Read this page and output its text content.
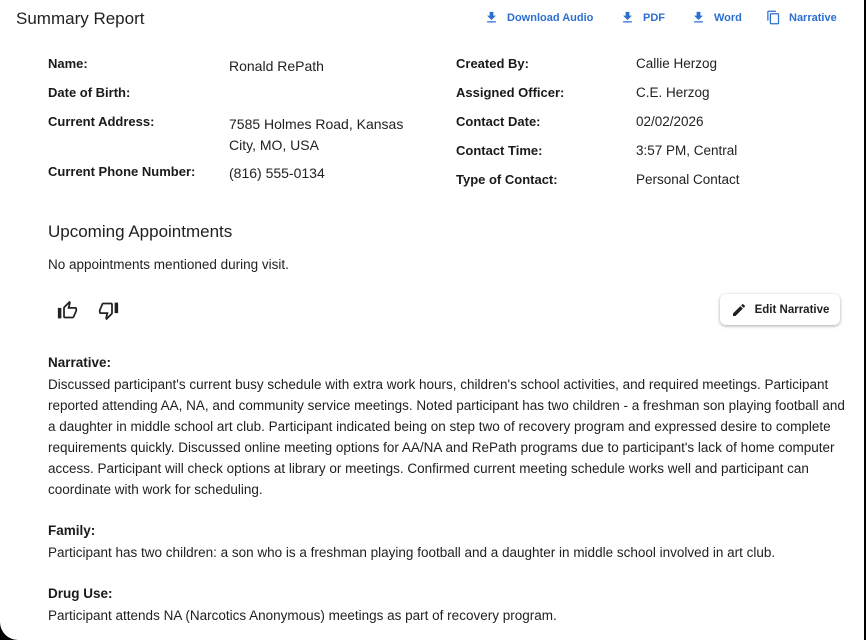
Summary Report	Download Audio	PDF	Word	Narrative
Name:	Ronald RePath
Date of Birth:
Current Address:	7585 Holmes Road, Kansas City, MO, USA
Current Phone Number: (816) 555-0134
Created By:	Callie Herzog
Assigned Officer:	C.E. Herzog
Contact Date:	02/02/2026
Contact Time:	3:57 PM, Central
Type of Contact:	Personal Contact
Upcoming Appointments
No appointments mentioned during visit.
Edit Narrative
Narrative:
Discussed participant's current busy schedule with extra work hours, children's school activities, and required meetings. Participant reported attending AA, NA, and community service meetings. Noted participant has two children - a freshman son playing football and a daughter in middle school art club. Participant indicated being on step two of recovery program and expressed desire to complete requirements quickly. Discussed online meeting options for AA/NA and RePath programs due to participant's lack of home computer access. Participant will check options at library or meetings. Confirmed current meeting schedule works well and participant can coordinate with work for scheduling.
Family:
Participant has two children: a son who is a freshman playing football and a daughter in middle school involved in art club.
Drug Use:
Participant attends NA (Narcotics Anonymous) meetings as part of recovery program.
